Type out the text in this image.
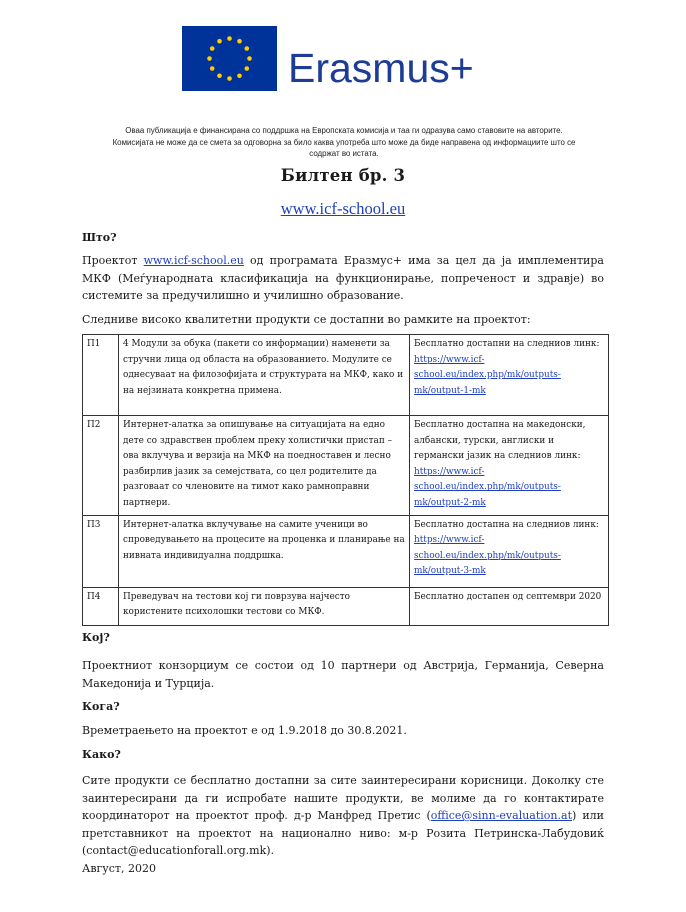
Erasmus+
Оваа публикација е финансирана со поддршка на Европската комисија и таа ги одразува само ставовите на авторите.
Комисијата не може да се смета за одговорна за било каква употреба што може да биде направена од информациите што се
содржат во истата.
Билтен бр. 3
www.icf-school.eu
Што?
Проектот www.icf-school.eu од програмата Еразмус+ има за цел да ја имплементира МКФ (Меѓународната класификација на функционирање, попреченост и здравје) во системите за предучилишно и училишно образование.
Следниве високо квалитетни продукти се достапни во рамките на проектот:
П1	4 Модули за обука (пакети со информации) наменети за стручни лица од областа на образованието. Модулите се однесуваат на филозофијата и структурата на МКФ, како и на нејзината конкретна примена.	Бесплатно достапни на следниов линк: https://www.icf-school.eu/index.php/mk/outputs-mk/output-1-mk
П2	Интернет-алатка за опишување на ситуацијата на едно дете со здравствен проблем преку холистички пристап – ова вклучува и верзија на МКФ на поедноставен и лесно разбирлив јазик за семејствата, со цел родителите да разговаат со членовите на тимот како рамноправни партнери.	Бесплатно достапна на македонски, албански, турски, англиски и германски јазик на следниов линк: https://www.icf-school.eu/index.php/mk/outputs-mk/output-2-mk
П3	Интернет-алатка вклучување на самите ученици во спроведувањето на процесите на проценка и планирање на нивната индивидуална поддршка.	Бесплатно достапна на следниов линк: https://www.icf-school.eu/index.php/mk/outputs-mk/output-3-mk
П4	Преведувач на тестови кој ги поврзува најчесто користените психолошки тестови со МКФ.	Бесплатно достапен од септември 2020
Кој?
Проектниот конзорциум се состои од 10 партнери од Австрија, Германија, Северна Македонија и Турција.
Кога?
Времетраењето на проектот е од 1.9.2018 до 30.8.2021.
Како?
Сите продукти се бесплатно достапни за сите заинтересирани корисници. Доколку сте заинтересирани да ги испробате нашите продукти, ве молиме да го контактирате координаторот на проектот проф. д-р Манфред Претис (office@sinn-evaluation.at) или претставникот на проектот на национално ниво: м-р Розита Петринска-Лабудовиќ (contact@educationforall.org.mk).
Август, 2020
